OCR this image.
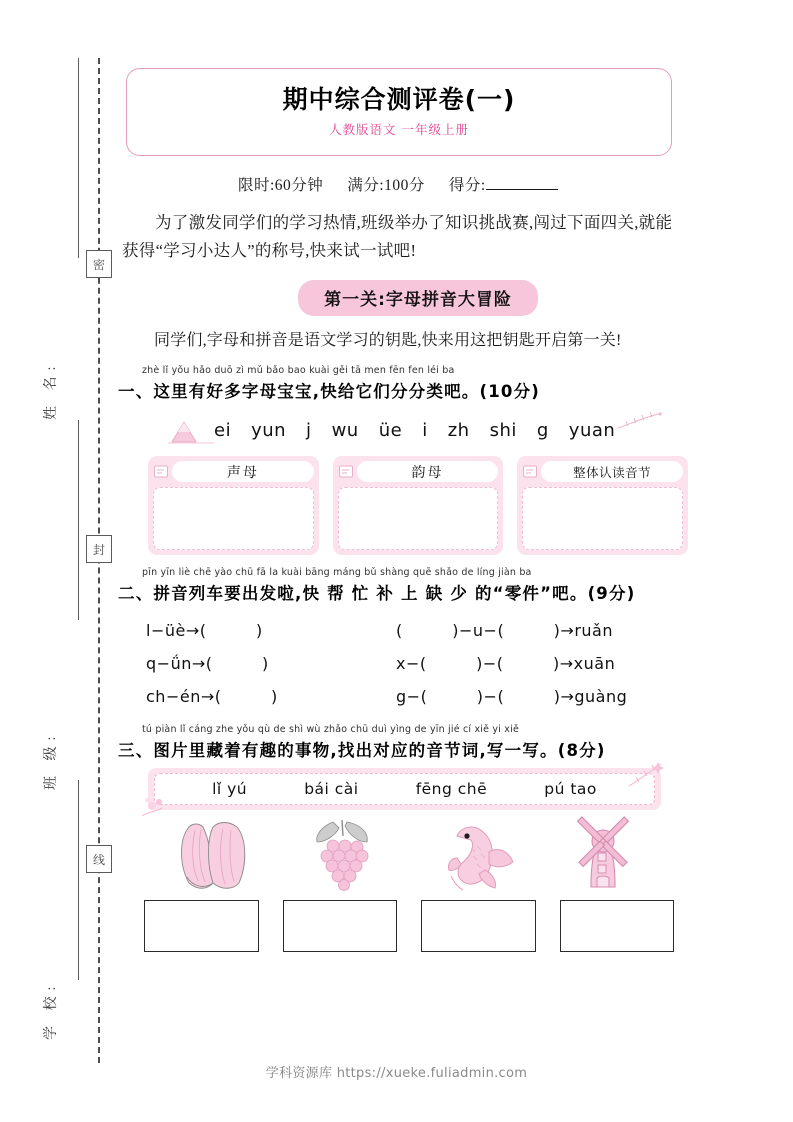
密
封
线
姓 名:
班 级:
学 校:
期中综合测评卷(一)
人教版语文 一年级上册
限时:60分钟 满分:100分 得分:
为了激发同学们的学习热情,班级举办了知识挑战赛,闯过下面四关,就能获得“学习小达人”的称号,快来试一试吧!
第一关:字母拼音大冒险
同学们,字母和拼音是语文学习的钥匙,快来用这把钥匙开启第一关!
zhè lǐ yǒu hǎo duō zì mǔ bǎo bao kuài gěi tā men fēn fen léi ba
一、这里有好多字母宝宝,快给它们分分类吧。(10分)
ei yun j wu üe i zh shi g yuan
声母	韵母	整体认读音节
pīn yīn liè chē yào chū fā la kuài bāng máng bǔ shàng quē shǎo de líng jiàn ba
二、拼音列车要出发啦,快 帮 忙 补 上 缺 少 的“零件”吧。(9分)
l−üè→(　　　)	(　　　)−u−(　　　)→ruǎn
q−ǘn→(　　　)	x−(　　　)−(　　　)→xuān
ch−én→(　　　)	g−(　　　)−(　　　)→guàng
tú piàn lǐ cáng zhe yǒu qù de shì wù zhǎo chū duì yìng de yīn jié cí xiě yi xiě
三、图片里藏着有趣的事物,找出对应的音节词,写一写。(8分)
lǐ yú	bái cài	fēng chē	pú tao
学科资源库 https://xueke.fuliadmin.com
